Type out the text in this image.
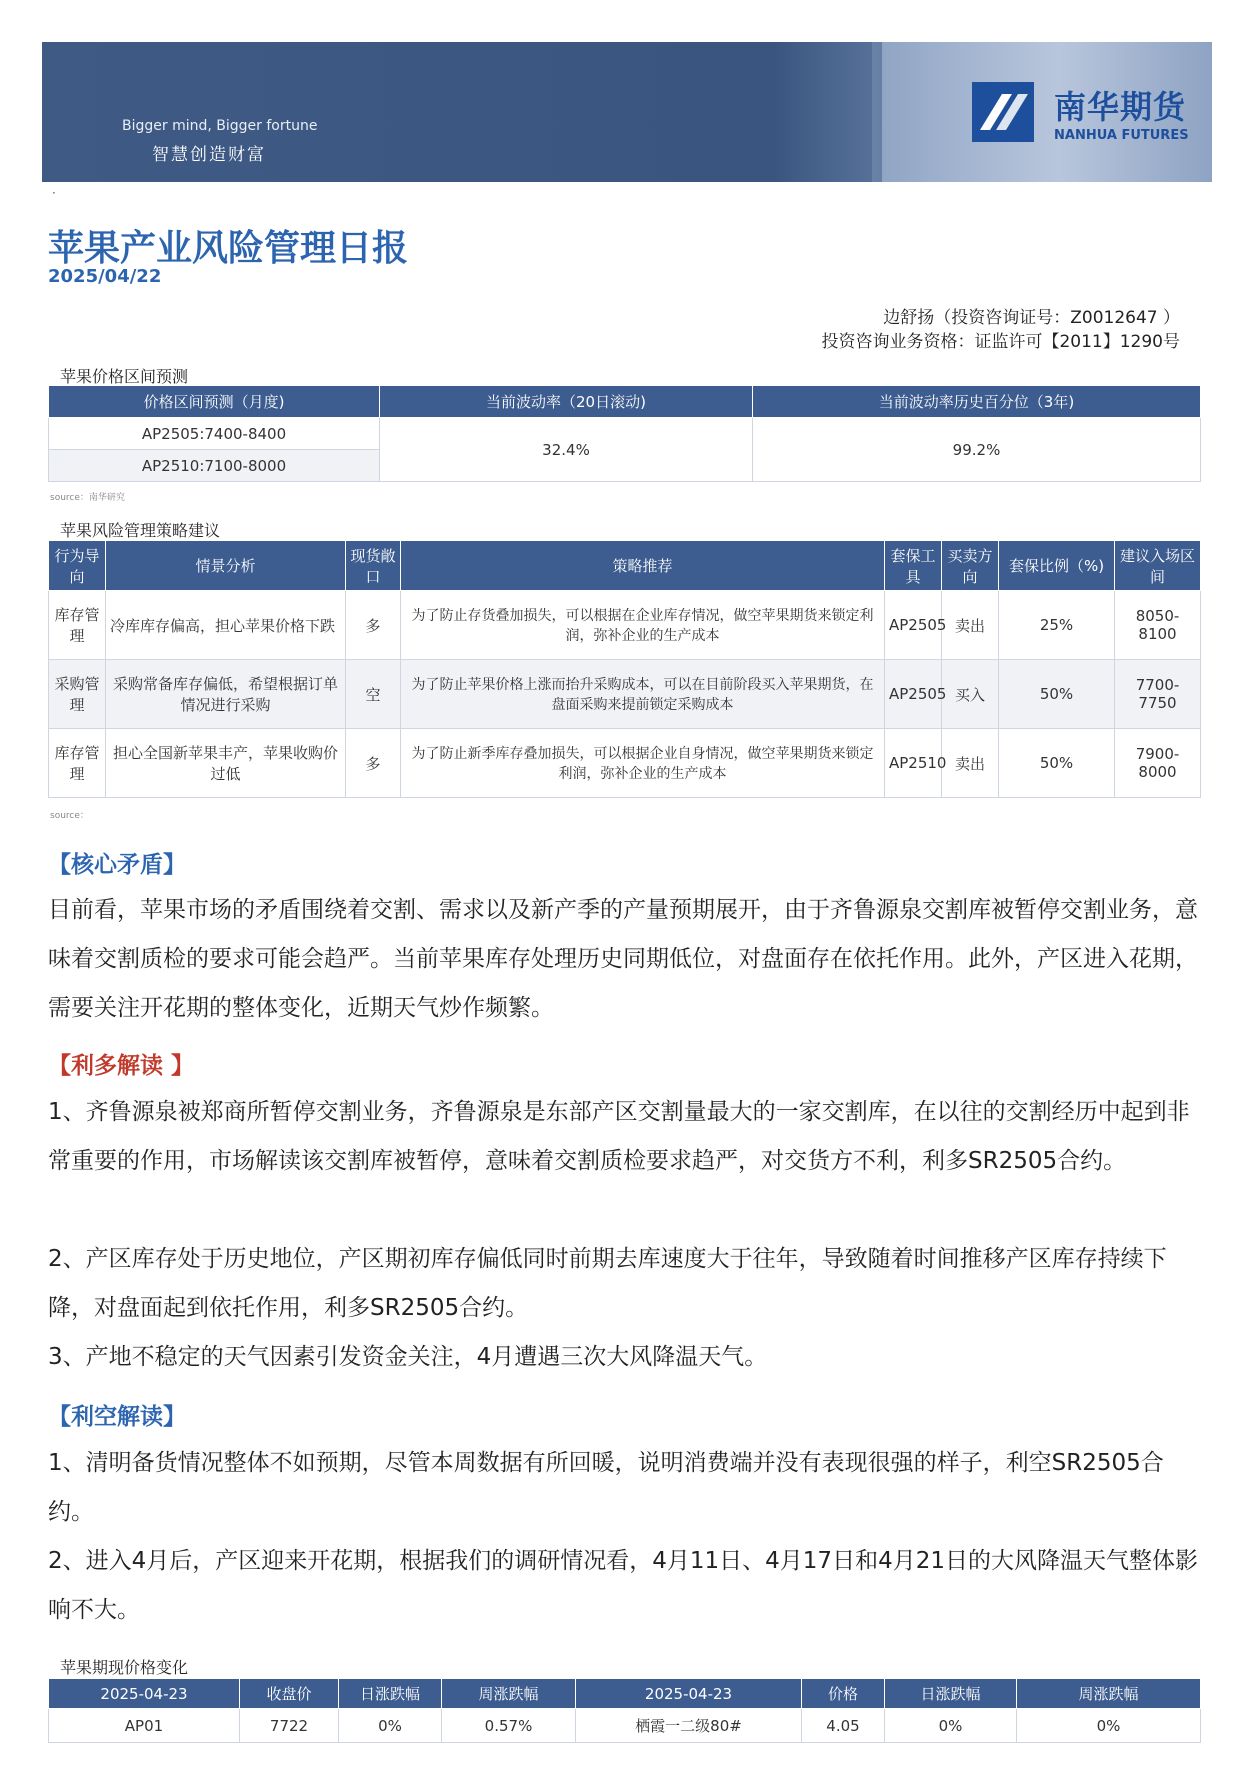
Bigger mind, Bigger fortune
智慧创造财富
南华期货
NANHUA FUTURES
·
苹果产业风险管理日报
2025/04/22
边舒扬（投资咨询证号：Z0012647 ）
投资咨询业务资格：证监许可【2011】1290号
苹果价格区间预测
价格区间预测（月度)	当前波动率（20日滚动)	当前波动率历史百分位（3年)
AP2505:7400-8400	32.4%	99.2%
AP2510:7100-8000		
source：南华研究
苹果风险管理策略建议
行为导向	情景分析	现货敞口	策略推荐	套保工具	买卖方向	套保比例（%)	建议入场区间
库存管理	冷库库存偏高，担心苹果价格下跌	多	为了防止存货叠加损失，可以根据在企业库存情况，做空苹果期货来锁定利润，弥补企业的生产成本	AP2505	卖出	25%	8050-8100
采购管理	采购常备库存偏低，希望根据订单情况进行采购	空	为了防止苹果价格上涨而抬升采购成本，可以在目前阶段买入苹果期货，在盘面采购来提前锁定采购成本	AP2505	买入	50%	7700-7750
库存管理	担心全国新苹果丰产，苹果收购价过低	多	为了防止新季库存叠加损失，可以根据企业自身情况，做空苹果期货来锁定利润，弥补企业的生产成本	AP2510	卖出	50%	7900-8000
source：
【核心矛盾】

目前看，苹果市场的矛盾围绕着交割、需求以及新产季的产量预期展开，由于齐鲁源泉交割库被暂停交割业务，意味着交割质检的要求可能会趋严。当前苹果库存处理历史同期低位，对盘面存在依托作用。此外，产区进入花期，需要关注开花期的整体变化，近期天气炒作频繁。

【利多解读 】

1、齐鲁源泉被郑商所暂停交割业务，齐鲁源泉是东部产区交割量最大的一家交割库，在以往的交割经历中起到非常重要的作用，市场解读该交割库被暂停，意味着交割质检要求趋严，对交货方不利，利多SR2505合约。

2、产区库存处于历史地位，产区期初库存偏低同时前期去库速度大于往年，导致随着时间推移产区库存持续下降，对盘面起到依托作用，利多SR2505合约。

3、产地不稳定的天气因素引发资金关注，4月遭遇三次大风降温天气。

【利空解读】

1、清明备货情况整体不如预期，尽管本周数据有所回暖，说明消费端并没有表现很强的样子，利空SR2505合约。

2、进入4月后，产区迎来开花期，根据我们的调研情况看，4月11日、4月17日和4月21日的大风降温天气整体影响不大。

苹果期现价格变化
2025-04-23	收盘价	日涨跌幅	周涨跌幅	2025-04-23	价格	日涨跌幅	周涨跌幅
AP01	7722	0%	0.57%	栖霞一二级80#	4.05	0%	0%
